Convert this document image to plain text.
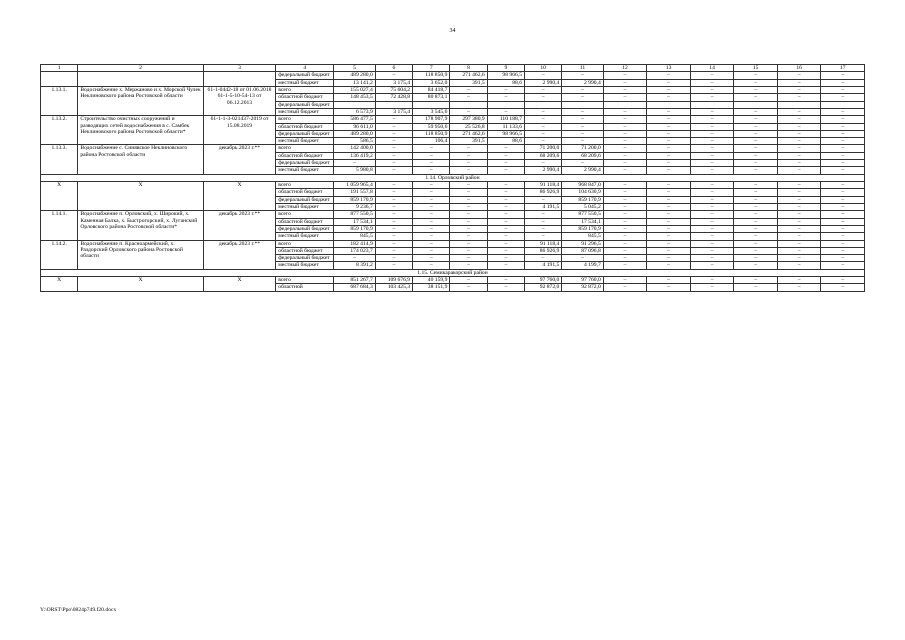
34
1	2	3	4	5	6	7	8	9	10	11	12	13	14	15	16	17
			федеральный бюджет	489 280,0	–	118 850,9	271 462,6	98 966,5	–	–	–	–	–	–	–	–
			местный бюджет	13 141,2	3 175,4	3 652,0	391,5	88,6	2 990,4	2 990,4	–	–	–	–	–	–
1.13.1.	Водоснабжение х. Мержаново и х. Морской Чулек Неклиновского района Ростовской области	61-1-0442-18 от 01.06.2018 61-1-5-10-54-13 от 06.12.2013	всего	155 027,4	75 604,2	84 418,7	–	–	–	–	–	–	–	–	–	–
			областной бюджет	148 453,5	72 428,8	80 873,1	–	–	–	–	–	–	–	–	–	–
			федеральный бюджет													
			местный бюджет	6 573,9	3 175,4	3 545,6	–	–	–	–	–	–	–	–	–	–
1.13.2.	Строительство очистных сооружений и разводящих сетей водоснабжения в с. Самбек Неклиновского района Ростовской области*	61-1-1-3-021437-2019 от 15.08.2019	всего	586 477,5	–	178 907,9	297 380,9	110 188,7	–	–	–	–	–	–	–	–
			областной бюджет	96 611,0	–	59 950,6	25 526,8	11 133,6	–	–	–	–	–	–	–	–
			федеральный бюджет	489 280,0	–	118 850,9	271 462,6	98 966,5	–	–	–	–	–	–	–	–
			местный бюджет	586,5	–	106,4	391,5	88,6	–	–	–	–	–	–	–	–
1.13.3.	Водоснабжение с. Синявское Неклиновского района Ростовской области	декабрь 2023 г.**	всего	142 400,0	–	–	–	–	71 200,0	71 200,0	–	–	–	–	–	–
			областной бюджет	136 419,2	–	–	–	–	68 209,6	68 209,6	–	–	–	–	–	–
			федеральный бюджет	–	–	–	–	–	–	–	–	–	–	–	–	–
			местный бюджет	5 980,8	–	–	–	–	2 990,4	2 990,4	–	–	–	–	–	–
1.14. Орловский район																
Х	Х	Х	всего	1 059 965,4	–	–	–	–	91 118,4	968 847,0	–	–	–	–	–	–
			областной бюджет	191 557,8	–	–	–	–	86 926,9	104 630,9	–	–	–	–	–	–
			федеральный бюджет	859 170,9	–	–	–	–	–	859 170,9	–	–	–	–	–	–
			местный бюджет	9 236,7	–	–	–	–	4 191,5	5 045,2	–	–	–	–	–	–
1.14.1.	Водоснабжение п. Орловский, х. Широкий, х. Каменная Балка, х. Быстрогорский, х. Луганский Орловского района Ростовской области*	декабрь 2023 г.**	всего	877 550,5	–	–	–	–	–	877 550,5	–	–	–	–	–	–
			областной бюджет	17 534,1	–	–	–	–	–	17 534,1	–	–	–	–	–	–
			федеральный бюджет	859 170,9	–	–	–	–	–	859 170,9	–	–	–	–	–	–
			местный бюджет	845,5	–	–	–	–	–	845,5	–	–	–	–	–	–
1.14.2.	Водоснабжение п. Красноармейский, х. Раздорский Орловского района Ростовской области	декабрь 2023 г.**	всего	182 414,9	–	–	–	–	91 118,4	91 296,5	–	–	–	–	–	–
			областной бюджет	174 023,7	–	–	–	–	86 926,9	87 096,8	–	–	–	–	–	–
			федеральный бюджет	–	–	–	–	–	–	–	–	–	–	–	–	–
			местный бюджет	8 391,2	–	–	–	–	4 191,5	4 199,7	–	–	–	–	–	–
1.15. Семикаракорский район																
Х	Х	Х	всего	851 267,7	109 676,9	40 159,9	–	–	97 760,0	97 760,0	–	–	–	–	–	–
			областной	687 684,3	103 425,3	38 151,9	–	–	92 872,0	92 872,0	–	–	–	–	–	–
Y:\ORST\Ppo\0824p749.f20.docx
